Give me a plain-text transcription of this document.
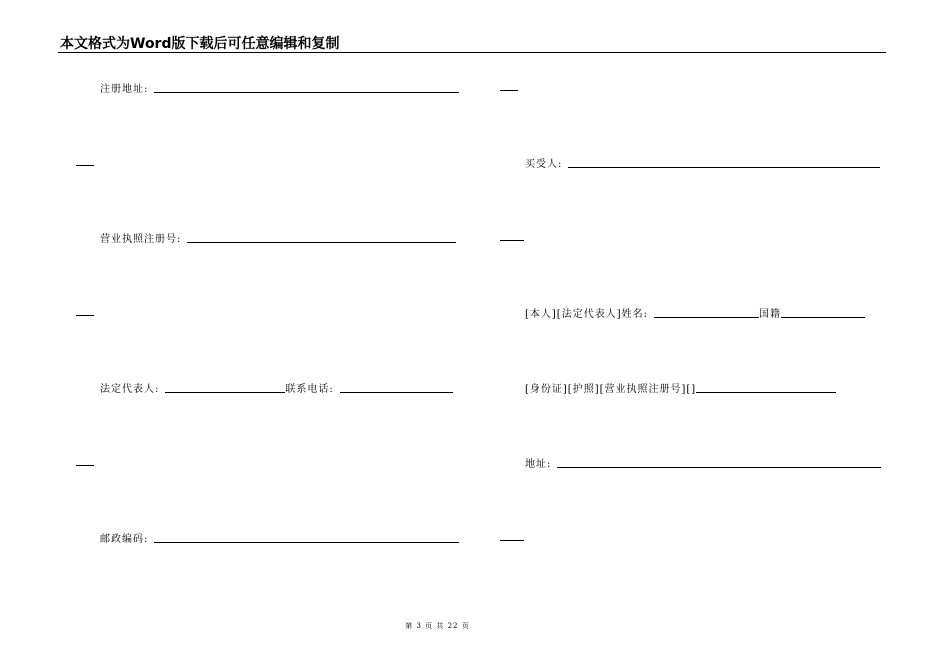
本文格式为Word版下载后可任意编辑和复制
注册地址:
营业执照注册号:
法定代表人:	联系电话:
邮政编码:
买受人:
[本人][法定代表人]姓名:	国籍
[身份证][护照][营业执照注册号][]
地址:
第 3 页 共 22 页
